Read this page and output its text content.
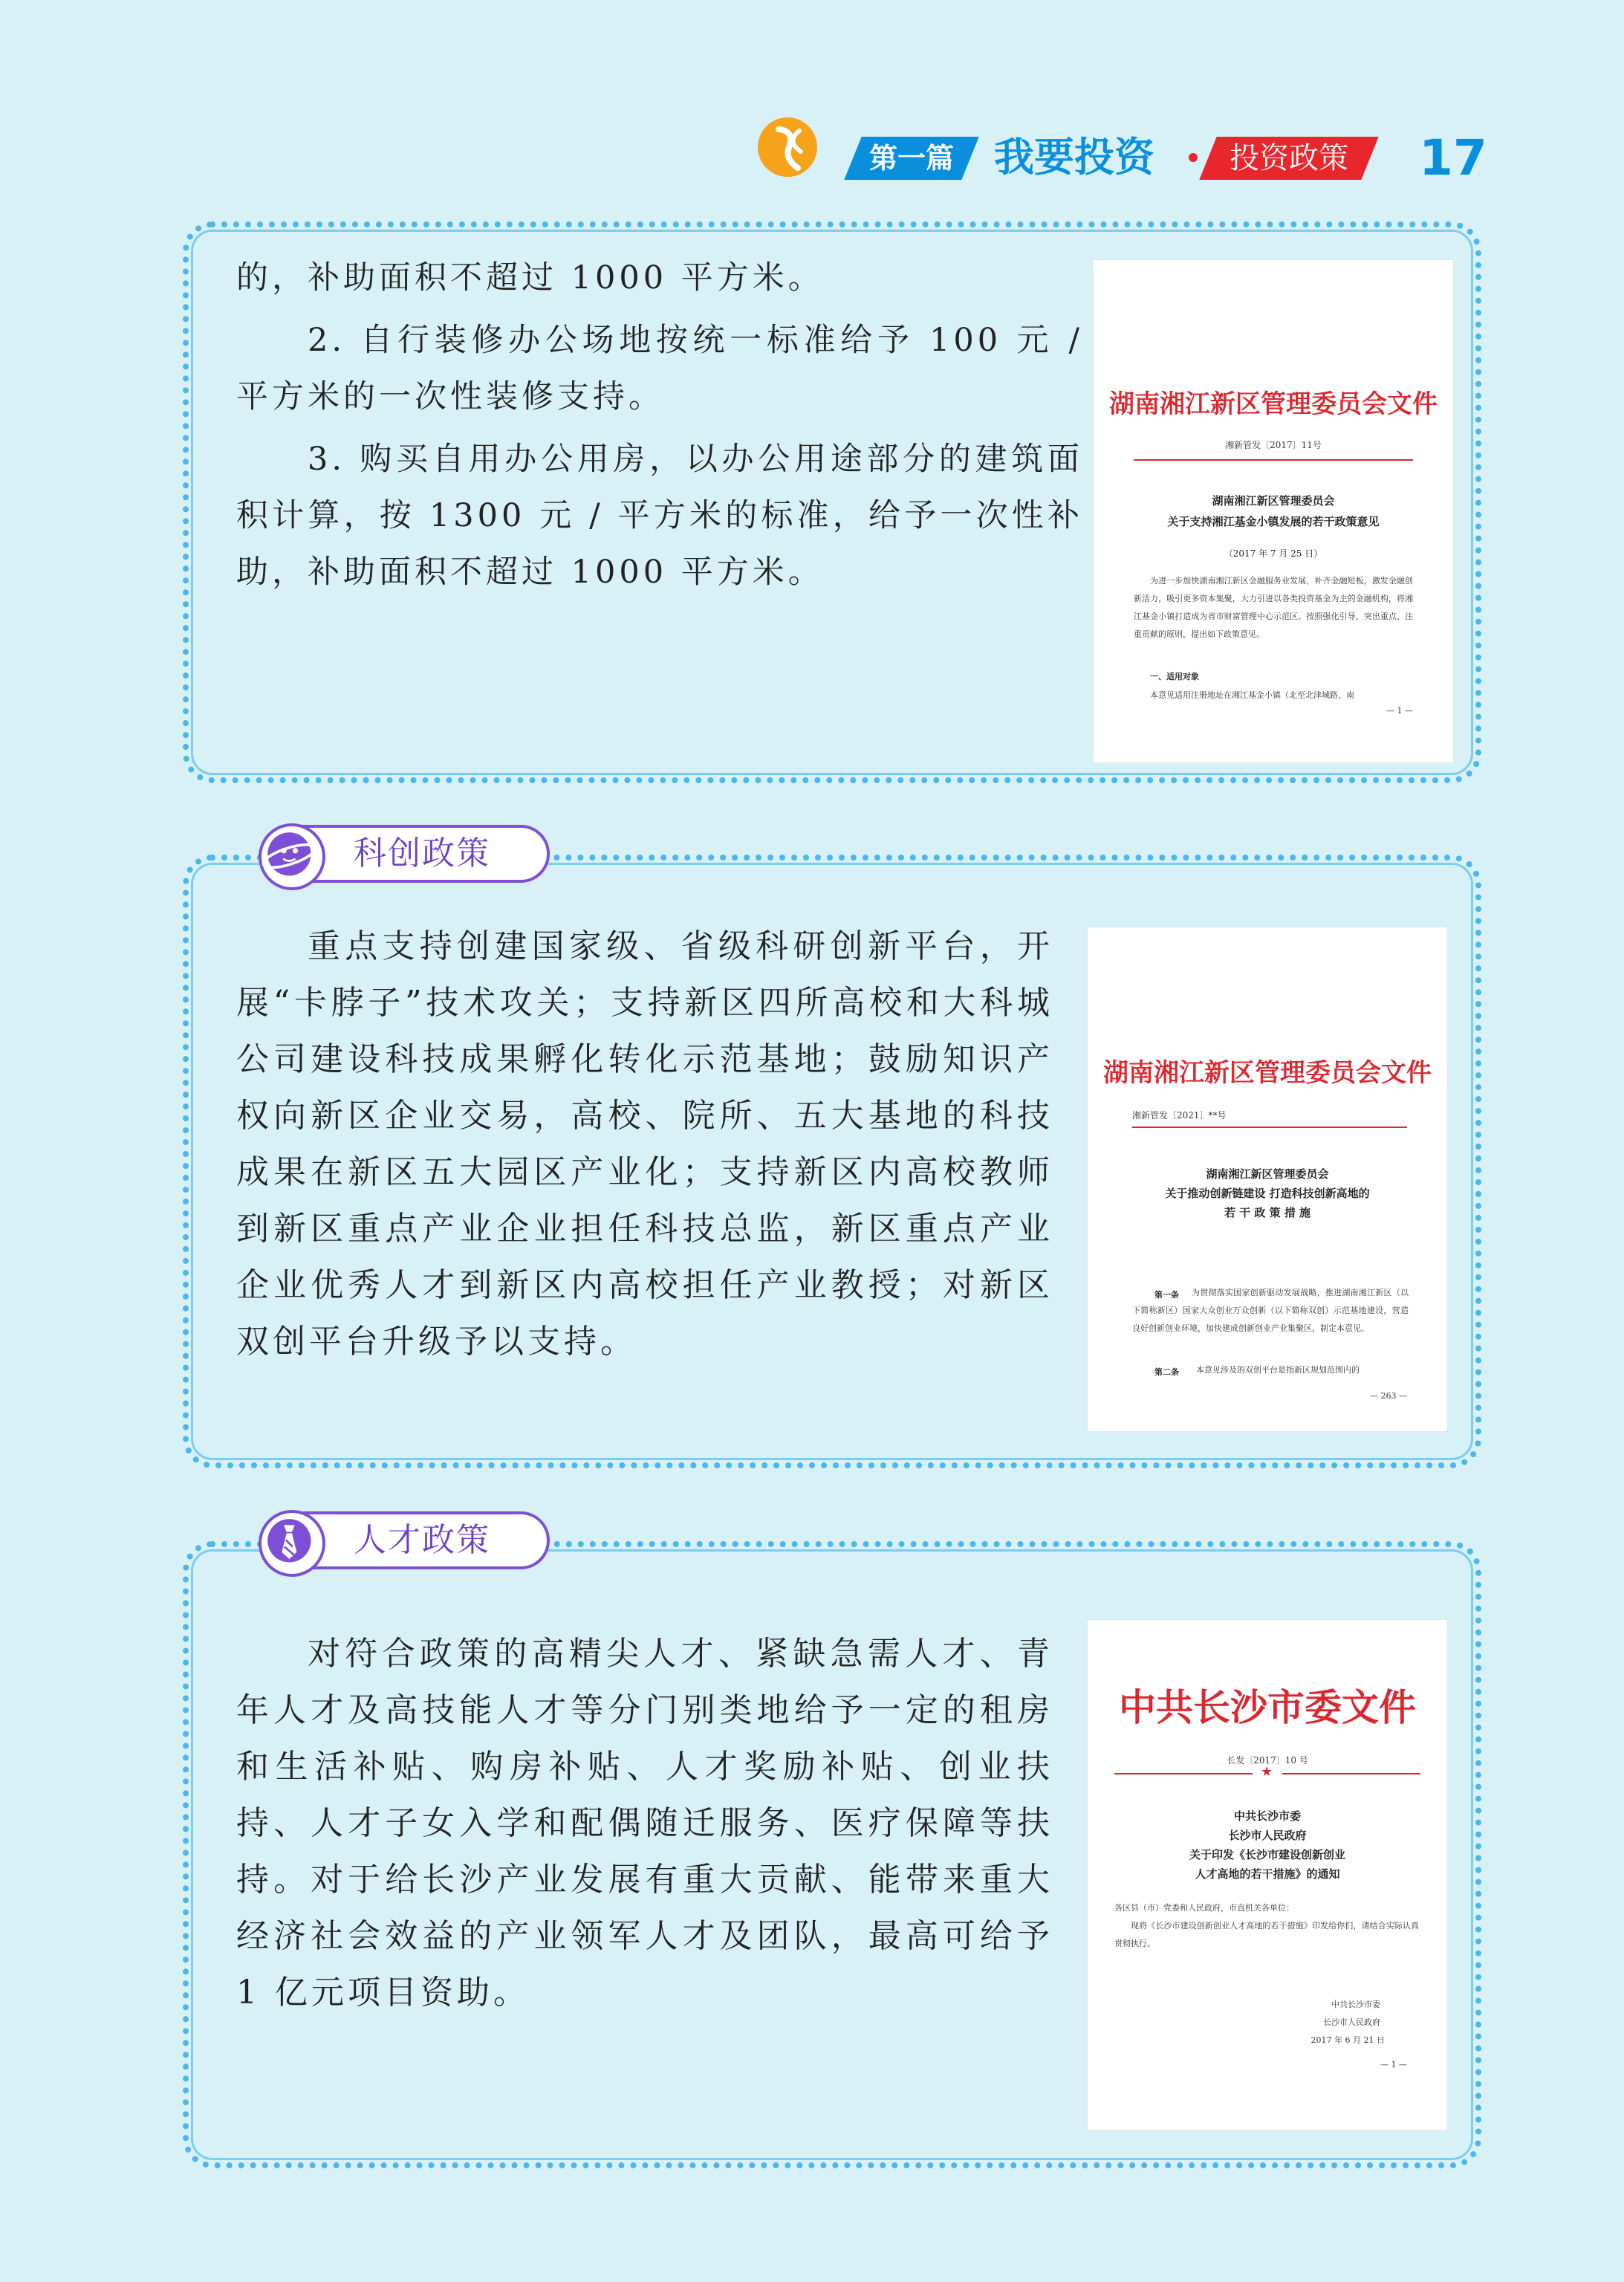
第一篇	我要投资	投资政策	17

的，补助面积不超过 1000 平方米。

2. 自行装修办公场地按统一标准给予 100 元 / 平方米的一次性装修支持。

3. 购买自用办公用房，以办公用途部分的建筑面积计算，按 1300 元 / 平方米的标准，给予一次性补助，补助面积不超过 1000 平方米。

湖南湘江新区管理委员会文件
湘新管发〔2017〕11号
湖南湘江新区管理委员会
关于支持湘江基金小镇发展的若干政策意见
（2017 年 7 月 25 日）
为进一步加快湖南湘江新区金融服务业发展，补齐金融短板，激发金融创新活力，吸引更多资本集聚，大力引进以各类投资基金为主的金融机构，将湘江基金小镇打造成为省市财富管理中心示范区。按照强化引导、突出重点、注重贡献的原则，提出如下政策意见。
一、适用对象
本意见适用注册地址在湘江基金小镇（北至北津城路、南
— 1 —

重点支持创建国家级、省级科研创新平台，开展“卡脖子”技术攻关；支持新区四所高校和大科城公司建设科技成果孵化转化示范基地；鼓励知识产权向新区企业交易，高校、院所、五大基地的科技成果在新区五大园区产业化；支持新区内高校教师到新区重点产业企业担任科技总监，新区重点产业企业优秀人才到新区内高校担任产业教授；对新区双创平台升级予以支持。

湖南湘江新区管理委员会文件
湘新管发〔2021〕**号
湖南湘江新区管理委员会
关于推动创新链建设 打造科技创新高地的
若 干 政 策 措 施
第一条	为贯彻落实国家创新驱动发展战略，推进湖南湘江新区（以下简称新区）国家大众创业万众创新（以下简称双创）示范基地建设，营造良好创新创业环境，加快建成创新创业产业集聚区，制定本意见。
第二条 本意见涉及的双创平台是指新区规划范围内的
— 263 —
科创政策

对符合政策的高精尖人才、紧缺急需人才、青年人才及高技能人才等分门别类地给予一定的租房和生活补贴、购房补贴、人才奖励补贴、创业扶持、人才子女入学和配偶随迁服务、医疗保障等扶持。对于给长沙产业发展有重大贡献、能带来重大经济社会效益的产业领军人才及团队，最高可给予 1 亿元项目资助。

中共长沙市委文件
长发〔2017〕10 号
★
中共长沙市委
长沙市人民政府
关于印发《长沙市建设创新创业
人才高地的若干措施》的通知
各区县（市）党委和人民政府，市直机关各单位：
现将《长沙市建设创新创业人才高地的若干措施》印发给你们，请结合实际认真贯彻执行。
中共长沙市委
长沙市人民政府
2017 年 6 月 21 日
— 1 —
人才政策
